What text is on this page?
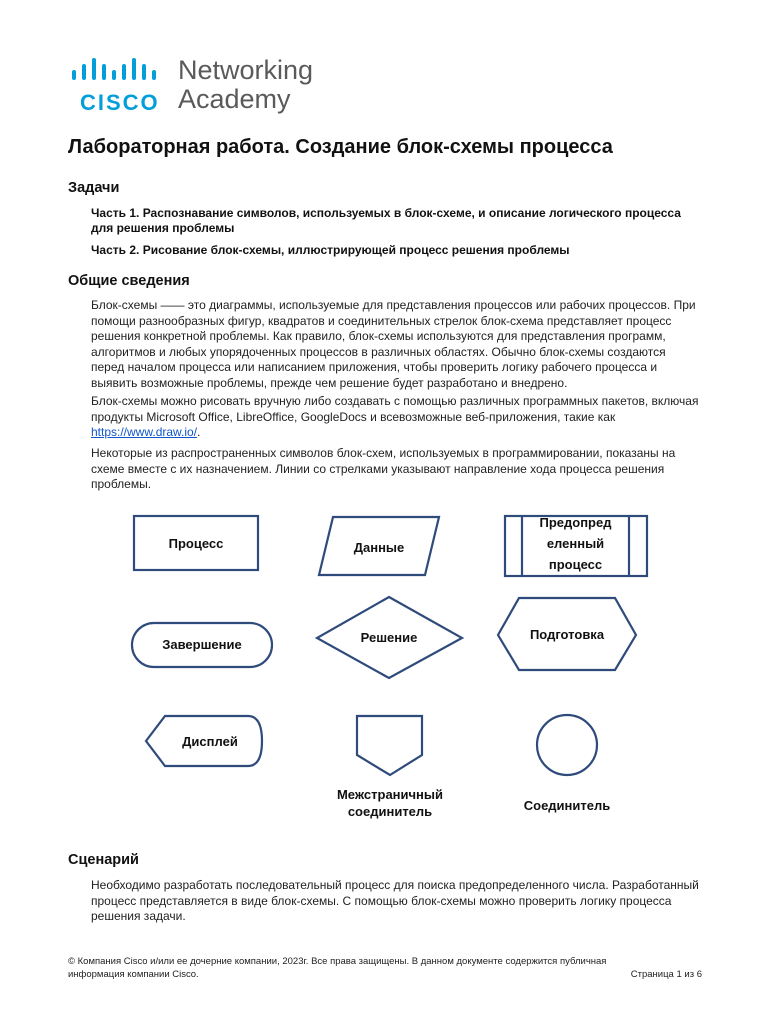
CISCO
Networking
Academy
Лабораторная работа. Создание блок-схемы процесса
Задачи
Часть 1. Распознавание символов, используемых в блок-схеме, и описание логического процесса для решения проблемы
Часть 2. Рисование блок-схемы, иллюстрирующей процесс решения проблемы
Общие сведения

Блок-схемы —— это диаграммы, используемые для представления процессов или рабочих процессов. При помощи разнообразных фигур, квадратов и соединительных стрелок блок-схема представляет процесс решения конкретной проблемы. Как правило, блок-схемы используются для представления программ, алгоритмов и любых упорядоченных процессов в различных областях. Обычно блок-схемы создаются перед началом процесса или написанием приложения, чтобы проверить логику рабочего процесса и выявить возможные проблемы, прежде чем решение будет разработано и внедрено.

Блок-схемы можно рисовать вручную либо создавать с помощью различных программных пакетов, включая продукты Microsoft Office, LibreOffice, GoogleDocs и всевозможные веб-приложения, такие как https://www.draw.io/.

Некоторые из распространенных символов блок-схем, используемых в программировании, показаны на схеме вместе с их назначением. Линии со стрелками указывают направление хода процесса решения проблемы.

Процесс	Данные
Предопред
еленный
процесс
Завершение	Решение	Подготовка
Дисплей
Межстраничный
соединитель	Соединитель
Сценарий

Необходимо разработать последовательный процесс для поиска предопределенного числа. Разработанный процесс представляется в виде блок-схемы. С помощью блок-схемы можно проверить логику процесса решения задачи.

© Компания Cisco и/или ее дочерние компании, 2023г. Все права защищены. В данном документе содержится публичная
информация компании Cisco.	Страница 1 из 6
